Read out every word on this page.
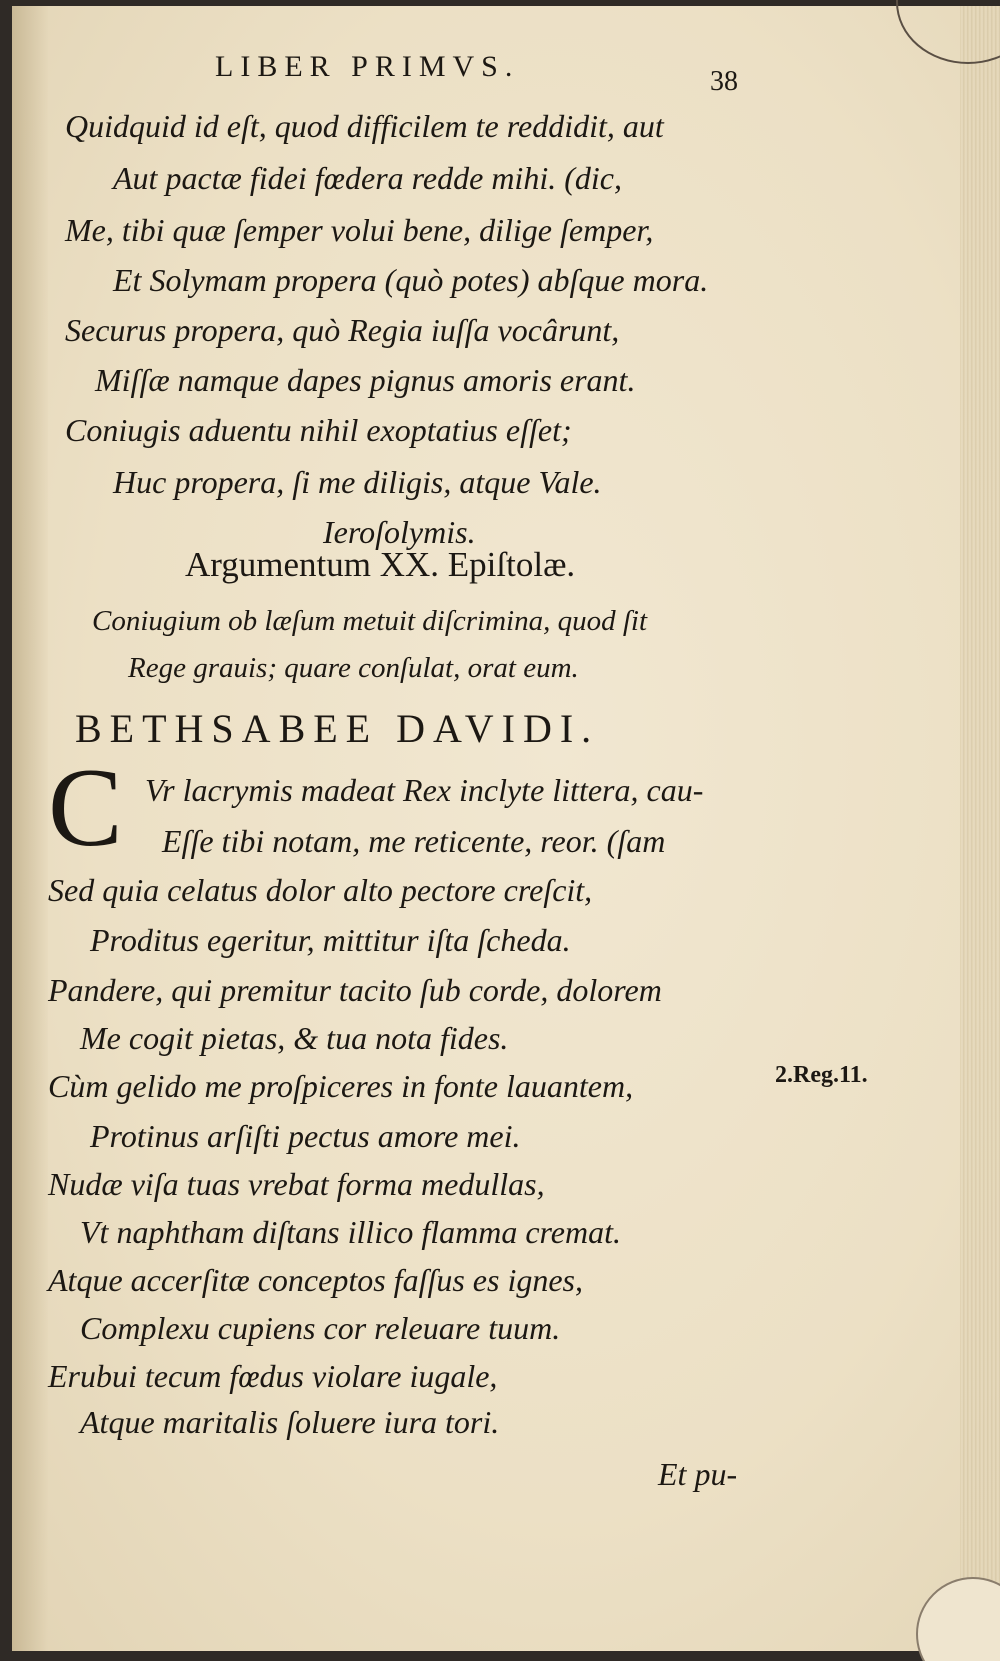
LIBER PRIMVS.	38
Quidquid id eſt, quod difficilem te reddidit, aut
Aut pactæ fidei fœdera redde mihi. (dic,
Me, tibi quæ ſemper volui bene, dilige ſemper,
Et Solymam propera (quò potes) abſque mora.
Securus propera, quò Regia iuſſa vocârunt,
Miſſæ namque dapes pignus amoris erant.
Coniugis aduentu nihil exoptatius eſſet;
Huc propera, ſi me diligis, atque Vale.
Ieroſolymis.
Argumentum XX. Epiſtolæ.
Coniugium ob læſum metuit diſcrimina, quod ſit
Rege grauis; quare conſulat, orat eum.
BETHSABEE DAVIDI.
C Vr lacrymis madeat Rex inclyte littera, cau-
Eſſe tibi notam, me reticente, reor. (ſam
Sed quia celatus dolor alto pectore creſcit,
Proditus egeritur, mittitur iſta ſcheda.
Pandere, qui premitur tacito ſub corde, dolorem
Me cogit pietas, & tua nota fides.
Cùm gelido me proſpiceres in fonte lauantem,
Protinus arſiſti pectus amore mei.
Nudæ viſa tuas vrebat forma medullas,
Vt naphtham diſtans illico flamma cremat.
Atque accerſitæ conceptos faſſus es ignes,
Complexu cupiens cor releuare tuum.
Erubui tecum fœdus violare iugale,
Atque maritalis ſoluere iura tori.
2.Reg.11.
Et pu-
